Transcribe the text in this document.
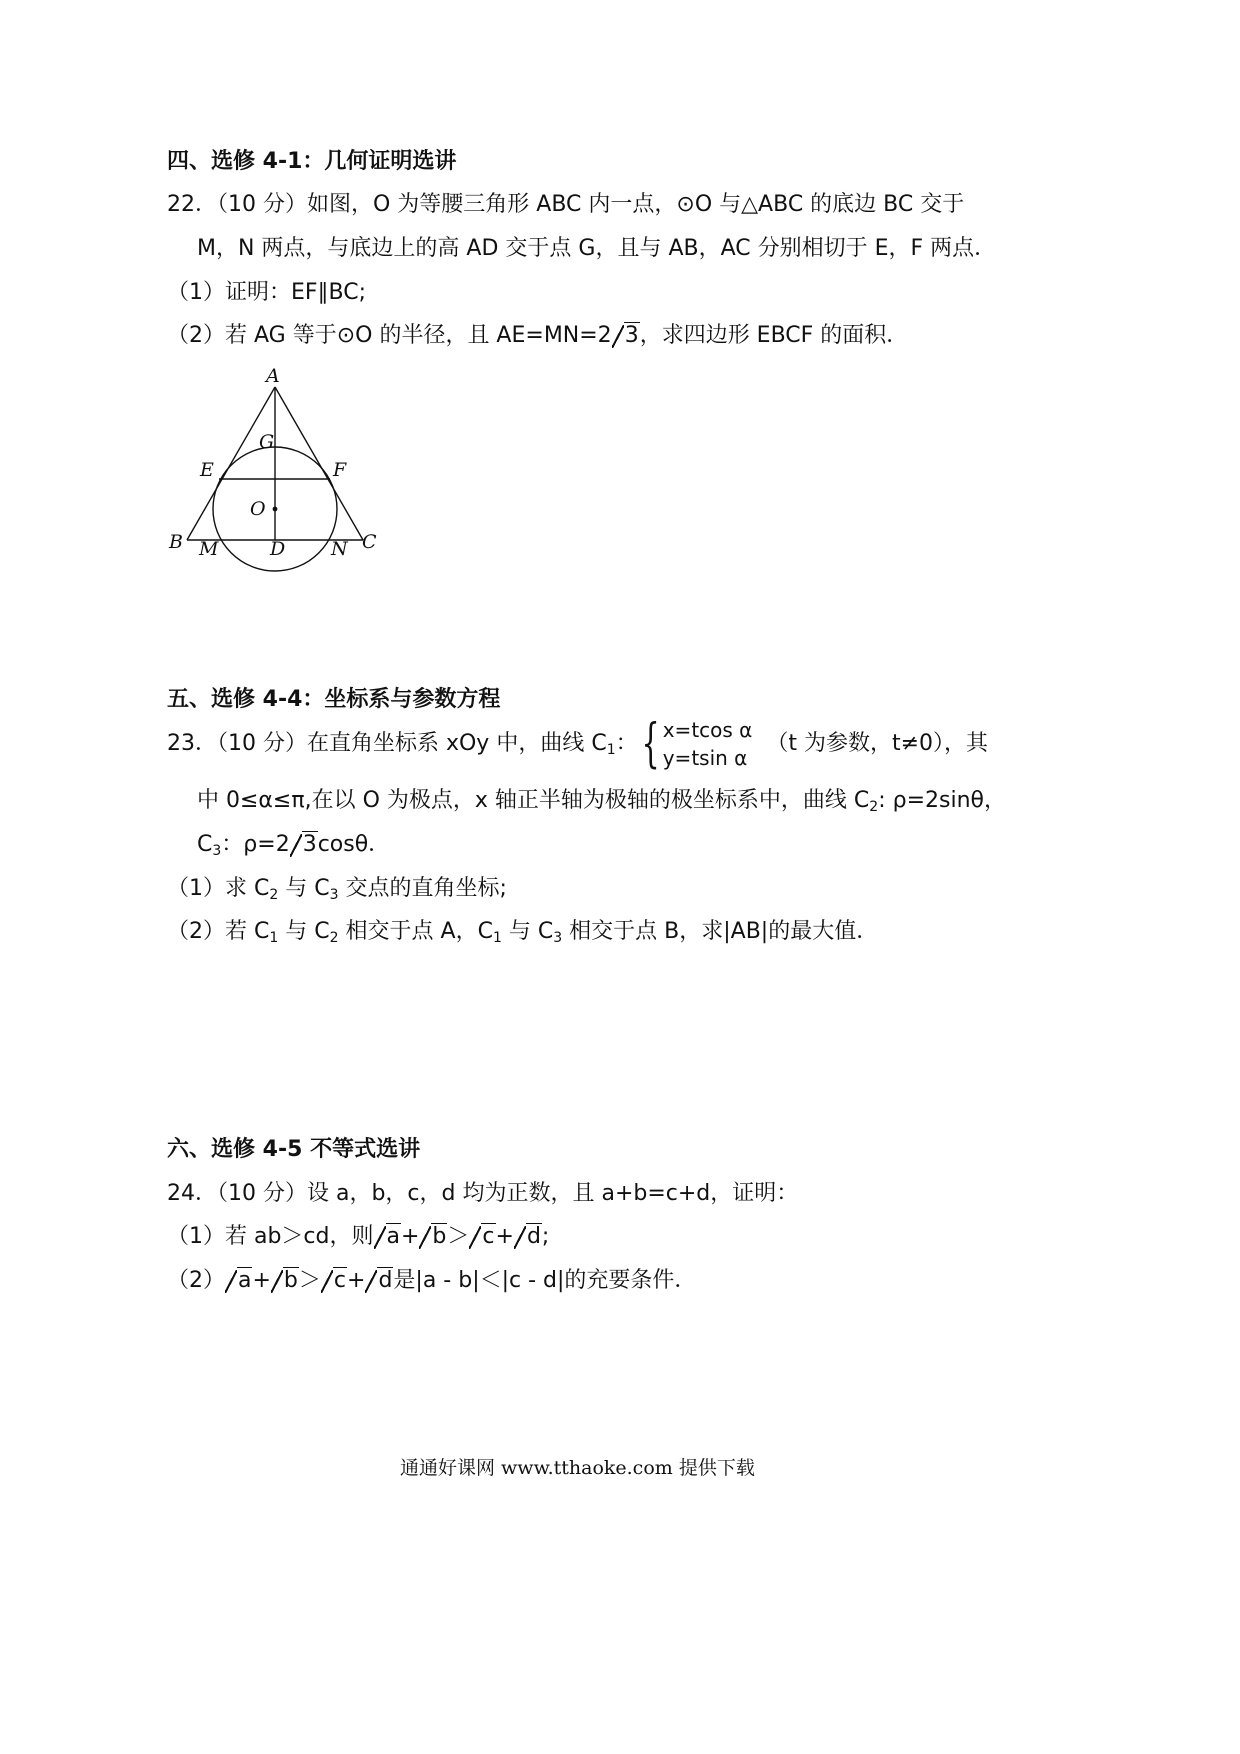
四、选修 4-1：几何证明选讲
22．（10 分）如图，O 为等腰三角形 ABC 内一点，⊙O 与△ABC 的底边 BC 交于
M，N 两点，与底边上的高 AD 交于点 G，且与 AB，AC 分别相切于 E，F 两点．
（1）证明：EF∥BC;
（2）若 AG 等于⊙O 的半径，且 AE=MN=2 3，求四边形 EBCF 的面积．
A
G
E	F
O
B M	D N C
五、选修 4-4：坐标系与参数方程
23．（10 分）在直角坐标系 xOy 中，曲线 $C_1$：{ x=tcos α
y=tsin α
（t 为参数，t≠0），其
中 0≤α≤π,在以 O 为极点，x 轴正半轴为极轴的极坐标系中，曲线 $C_2$: ρ=2sinθ，
$C_3$：ρ=2 3cosθ．
（1）求 $C_2$ 与 $C_3$ 交点的直角坐标;
（2）若 $C_1$ 与 $C_2$ 相交于点 A，$C_1$ 与 $C_3$ 相交于点 B，求|AB|的最大值．
六、选修 4-5 不等式选讲
24．（10 分）设 a，b，c，d 均为正数，且 a+b=c+d，证明：
（1）若 ab＞cd，则 a+ b＞ c+ d;
（2） a+ b＞ c+ d是|a - b|＜|c - d|的充要条件．
通通好课网 www.tthaoke.com 提供下载
